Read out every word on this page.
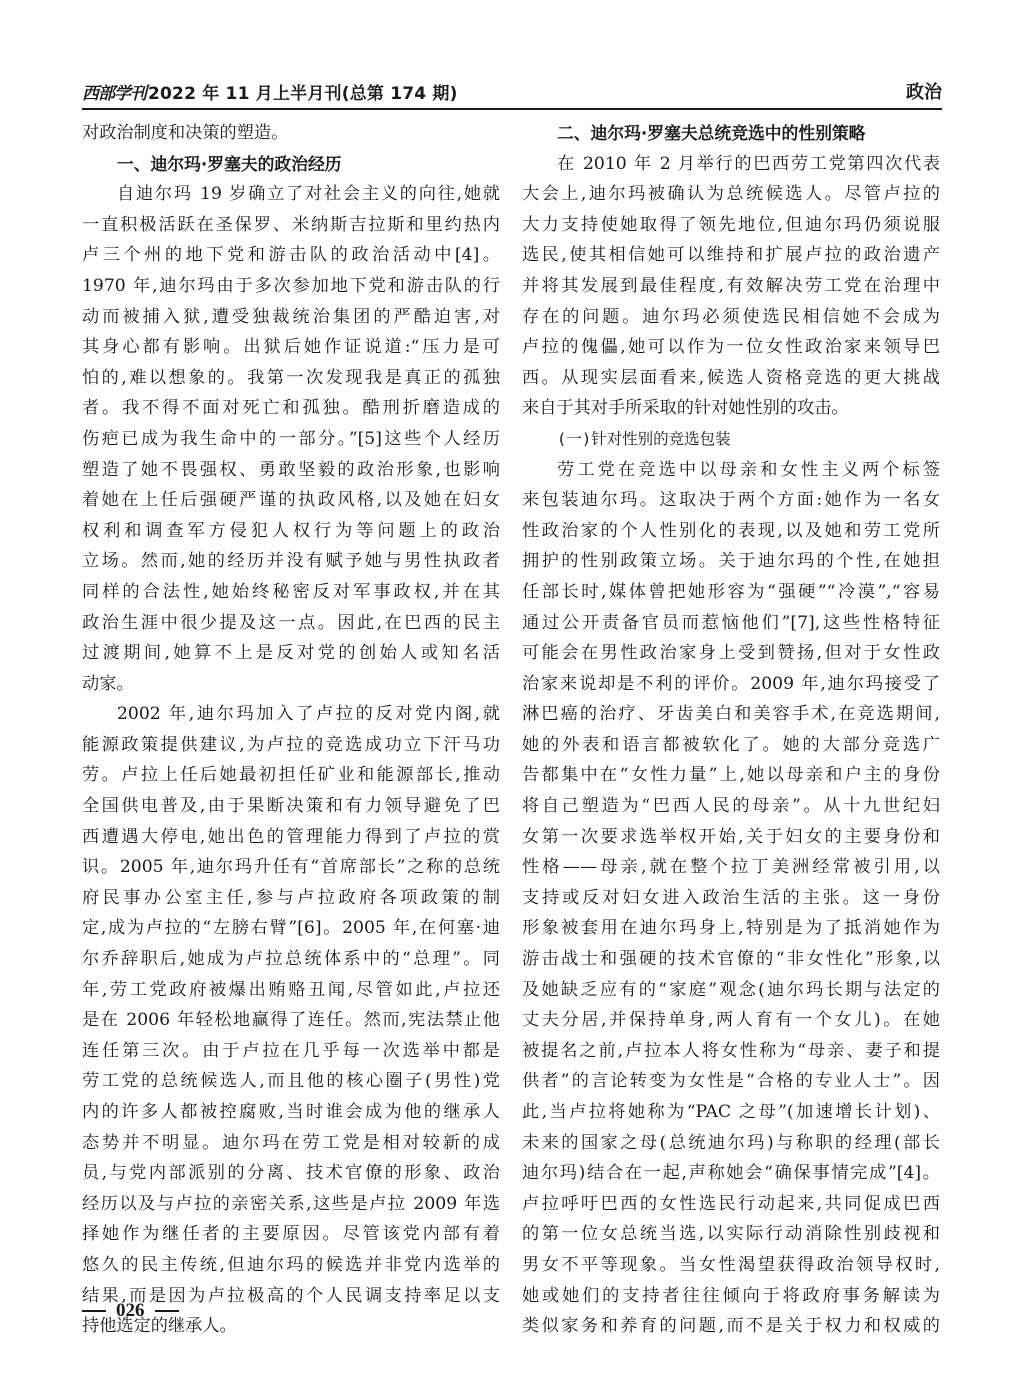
西部学刊 2022 年 11 月上半月刊(总第 174 期)	政治
对政治制度和决策的塑造。
一、迪尔玛·罗塞夫的政治经历
自迪尔玛 19 岁确立了对社会主义的向往,她就
一直积极活跃在圣保罗、米纳斯吉拉斯和里约热内
卢三个州的地下党和游击队的政治活动中[4]。
1970 年,迪尔玛由于多次参加地下党和游击队的行
动而被捕入狱,遭受独裁统治集团的严酷迫害,对
其身心都有影响。出狱后她作证说道:“压力是可
怕的,难以想象的。我第一次发现我是真正的孤独
者。我不得不面对死亡和孤独。酷刑折磨造成的
伤疤已成为我生命中的一部分。”[5]这些个人经历
塑造了她不畏强权、勇敢坚毅的政治形象,也影响
着她在上任后强硬严谨的执政风格,以及她在妇女
权利和调查军方侵犯人权行为等问题上的政治
立场。然而,她的经历并没有赋予她与男性执政者
同样的合法性,她始终秘密反对军事政权,并在其
政治生涯中很少提及这一点。因此,在巴西的民主
过渡期间,她算不上是反对党的创始人或知名活
动家。
2002 年,迪尔玛加入了卢拉的反对党内阁,就
能源政策提供建议,为卢拉的竞选成功立下汗马功
劳。卢拉上任后她最初担任矿业和能源部长,推动
全国供电普及,由于果断决策和有力领导避免了巴
西遭遇大停电,她出色的管理能力得到了卢拉的赏
识。2005 年,迪尔玛升任有“首席部长”之称的总统
府民事办公室主任,参与卢拉政府各项政策的制
定,成为卢拉的“左膀右臂”[6]。2005 年,在何塞·迪
尔乔辞职后,她成为卢拉总统体系中的“总理”。同
年,劳工党政府被爆出贿赂丑闻,尽管如此,卢拉还
是在 2006 年轻松地赢得了连任。然而,宪法禁止他
连任第三次。由于卢拉在几乎每一次选举中都是
劳工党的总统候选人,而且他的核心圈子(男性)党
内的许多人都被控腐败,当时谁会成为他的继承人
态势并不明显。迪尔玛在劳工党是相对较新的成
员,与党内部派别的分离、技术官僚的形象、政治
经历以及与卢拉的亲密关系,这些是卢拉 2009 年选
择她作为继任者的主要原因。尽管该党内部有着
悠久的民主传统,但迪尔玛的候选并非党内选举的
结果,而是因为卢拉极高的个人民调支持率足以支
持他选定的继承人。
二、迪尔玛·罗塞夫总统竞选中的性别策略
在 2010 年 2 月举行的巴西劳工党第四次代表
大会上,迪尔玛被确认为总统候选人。尽管卢拉的
大力支持使她取得了领先地位,但迪尔玛仍须说服
选民,使其相信她可以维持和扩展卢拉的政治遗产
并将其发展到最佳程度,有效解决劳工党在治理中
存在的问题。迪尔玛必须使选民相信她不会成为
卢拉的傀儡,她可以作为一位女性政治家来领导巴
西。从现实层面看来,候选人资格竞选的更大挑战
来自于其对手所采取的针对她性别的攻击。
(一)针对性别的竞选包装
劳工党在竞选中以母亲和女性主义两个标签
来包装迪尔玛。这取决于两个方面:她作为一名女
性政治家的个人性别化的表现,以及她和劳工党所
拥护的性别政策立场。关于迪尔玛的个性,在她担
任部长时,媒体曾把她形容为“强硬”“冷漠”,“容易
通过公开责备官员而惹恼他们”[7],这些性格特征
可能会在男性政治家身上受到赞扬,但对于女性政
治家来说却是不利的评价。2009 年,迪尔玛接受了
淋巴癌的治疗、牙齿美白和美容手术,在竞选期间,
她的外表和语言都被软化了。她的大部分竞选广
告都集中在“女性力量”上,她以母亲和户主的身份
将自己塑造为“巴西人民的母亲”。从十九世纪妇
女第一次要求选举权开始,关于妇女的主要身份和
性格——母亲,就在整个拉丁美洲经常被引用,以
支持或反对妇女进入政治生活的主张。这一身份
形象被套用在迪尔玛身上,特别是为了抵消她作为
游击战士和强硬的技术官僚的“非女性化”形象,以
及她缺乏应有的“家庭”观念(迪尔玛长期与法定的
丈夫分居,并保持单身,两人育有一个女儿)。在她
被提名之前,卢拉本人将女性称为“母亲、妻子和提
供者”的言论转变为女性是“合格的专业人士”。因
此,当卢拉将她称为“PAC 之母”(加速增长计划)、
未来的国家之母(总统迪尔玛)与称职的经理(部长
迪尔玛)结合在一起,声称她会“确保事情完成”[4]。
卢拉呼吁巴西的女性选民行动起来,共同促成巴西
的第一位女总统当选,以实际行动消除性别歧视和
男女不平等现象。当女性渴望获得政治领导权时,
她或她们的支持者往往倾向于将政府事务解读为
类似家务和养育的问题,而不是关于权力和权威的
026
